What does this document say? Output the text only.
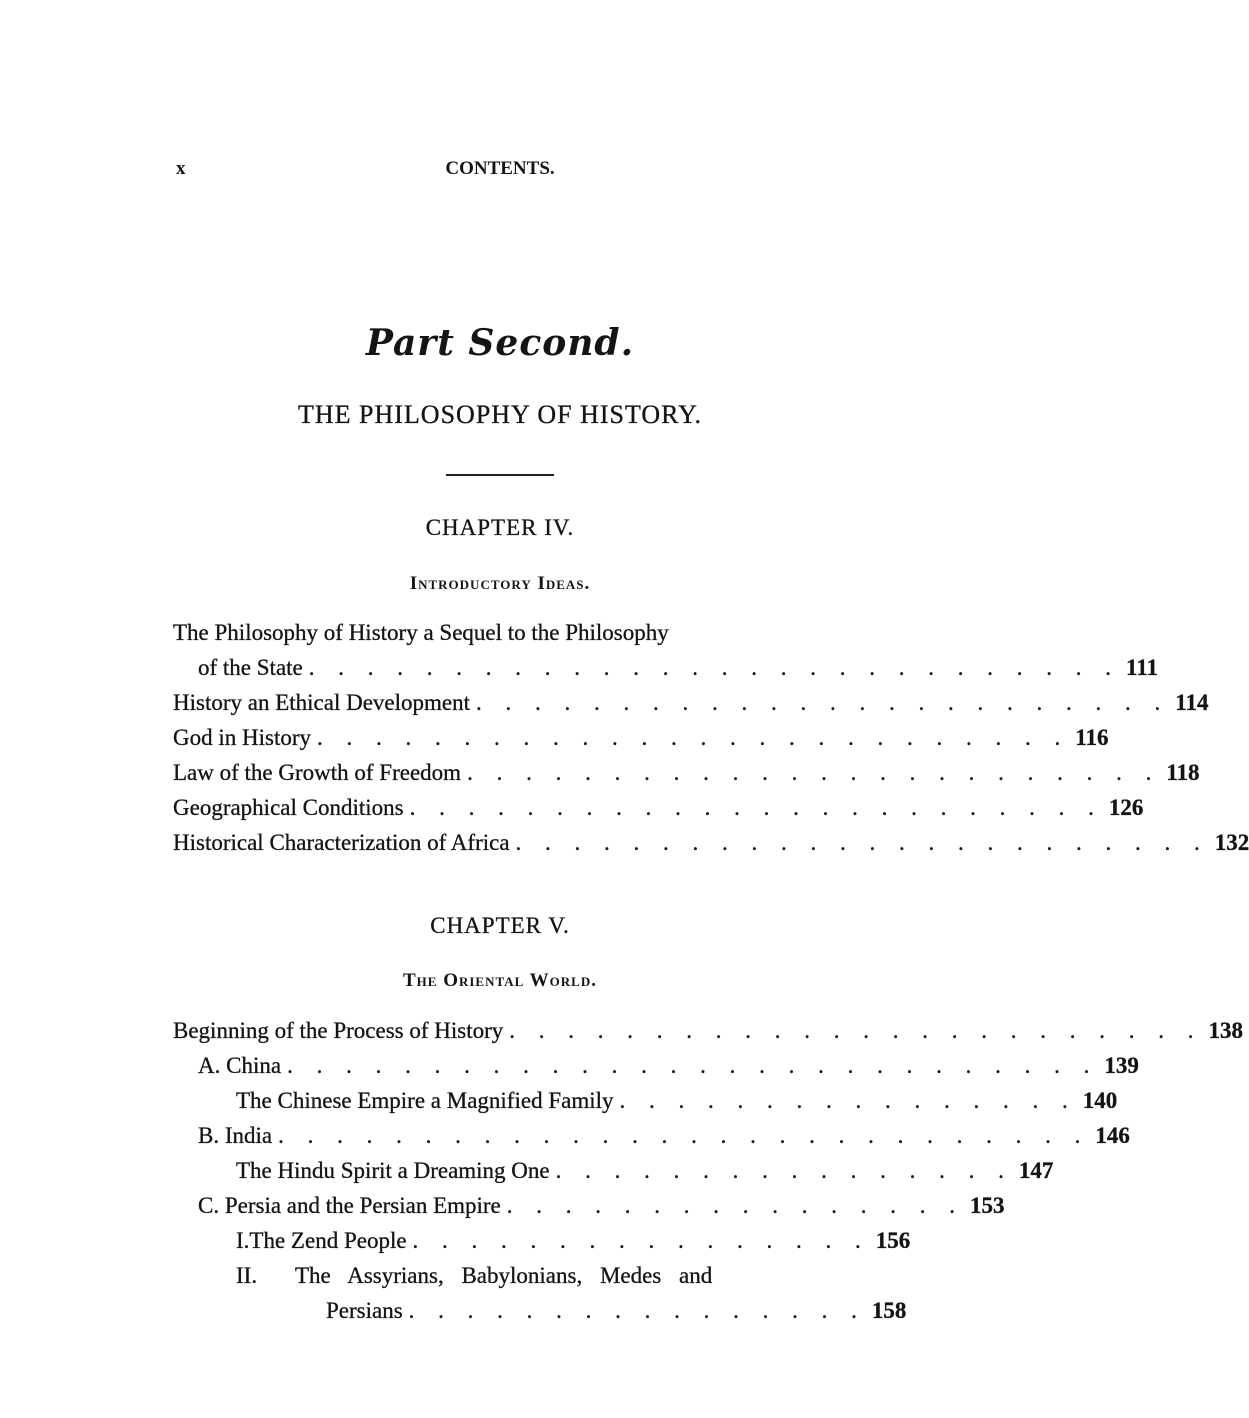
x	CONTENTS.
Part Second.
THE PHILOSOPHY OF HISTORY.
CHAPTER IV.
Introductory Ideas.
The Philosophy of History a Sequel to the Philosophy
of the State . . . . . . . . . . . . . . . . . . . . . . . . . . . . 111
History an Ethical Development . . . . . . . . . . . . . . . . . . . . . . . . 114
God in History . . . . . . . . . . . . . . . . . . . . . . . . . . 116
Law of the Growth of Freedom . . . . . . . . . . . . . . . . . . . . . . . . 118
Geographical Conditions . . . . . . . . . . . . . . . . . . . . . . . . 126
Historical Characterization of Africa . . . . . . . . . . . . . . . . . . . . . . . . 132
CHAPTER V.
The Oriental World.
Beginning of the Process of History . . . . . . . . . . . . . . . . . . . . . . . . 138
A. China . . . . . . . . . . . . . . . . . . . . . . . . . . . . 139
The Chinese Empire a Magnified Family . . . . . . . . . . . . . . . . 140
B. India . . . . . . . . . . . . . . . . . . . . . . . . . . . . 146
The Hindu Spirit a Dreaming One . . . . . . . . . . . . . . . . 147
C. Persia and the Persian Empire . . . . . . . . . . . . . . . . 153
I. The Zend People . . . . . . . . . . . . . . . . 156
II.	The Assyrians, Babylonians, Medes and
Persians . . . . . . . . . . . . . . . . 158
